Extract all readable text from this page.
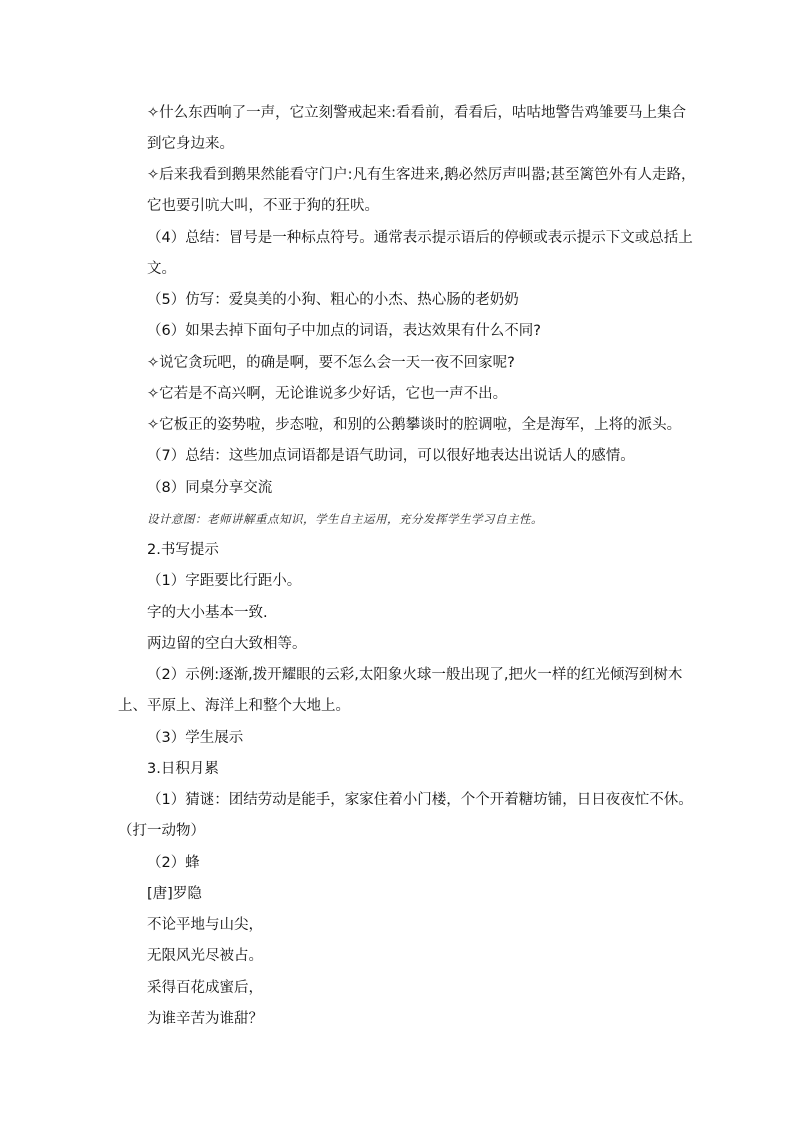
✧什么东西响了一声，它立刻警戒起来:看看前，看看后，咕咕地警告鸡雏要马上集合
到它身边来。
✧后来我看到鹅果然能看守门户:凡有生客进来,鹅必然厉声叫嚣;甚至篱笆外有人走路，
它也要引吭大叫，不亚于狗的狂吠。
（4）总结：冒号是一种标点符号。通常表示提示语后的停顿或表示提示下文或总括上
文。
（5）仿写：爱臭美的小狗、粗心的小杰、热心肠的老奶奶
（6）如果去掉下面句子中加点的词语，表达效果有什么不同?
✧说它贪玩吧，的确是啊，要不怎么会一天一夜不回家呢?
✧它若是不高兴啊，无论谁说多少好话，它也一声不出。
✧它板正的姿势啦，步态啦，和别的公鹅攀谈时的腔调啦，全是海军，上将的派头。
（7）总结：这些加点词语都是语气助词，可以很好地表达出说话人的感情。
（8）同桌分享交流
设计意图：老师讲解重点知识，学生自主运用，充分发挥学生学习自主性。
2.书写提示
（1）字距要比行距小。
字的大小基本一致.
两边留的空白大致相等。
（2）示例:逐渐,拨开耀眼的云彩,太阳象火球一般出现了,把火一样的红光倾泻到树木
上、平原上、海洋上和整个大地上。
（3）学生展示
3.日积月累
（1）猜谜：团结劳动是能手，家家住着小门楼，个个开着糖坊铺，日日夜夜忙不休。
（打一动物）
（2）蜂
[唐]罗隐
不论平地与山尖，
无限风光尽被占。
采得百花成蜜后，
为谁辛苦为谁甜？
